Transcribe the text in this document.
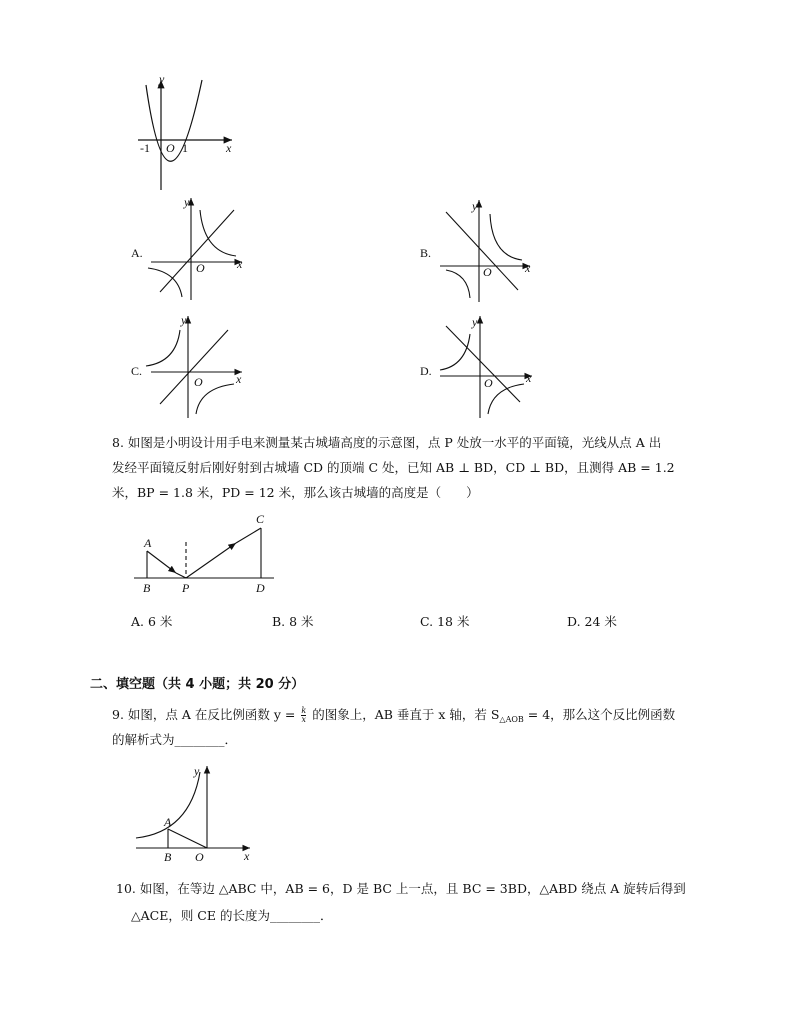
y
x
O
-1	1
A.
y
x
O
B.
y
x
O
C.
y
x
O
D.
y
x
O
8. 如图是小明设计用手电来测量某古城墙高度的示意图，点 P 处放一水平的平面镜，光线从点 A 出
发经平面镜反射后刚好射到古城墙 CD 的顶端 C 处，已知 AB ⊥ BD，CD ⊥ BD，且测得 AB = 1.2
米，BP = 1.8 米，PD = 12 米，那么该古城墙的高度是（　　）
A
B	P
C
D
A. 6 米	B. 8 米	C. 18 米	D. 24 米
二、填空题（共 4 小题；共 20 分）
9. 如图，点 A 在反比例函数 $y = \frac{k}{x}$ 的图象上，AB 垂直于 x 轴，若 $S_{\triangle AOB} = 4$，那么这个反比例函数
的解析式为________．
y
x
A
B O
10. 如图，在等边 △ABC 中，AB = 6，D 是 BC 上一点，且 BC = 3BD，△ABD 绕点 A 旋转后得到
△ACE，则 CE 的长度为________．
